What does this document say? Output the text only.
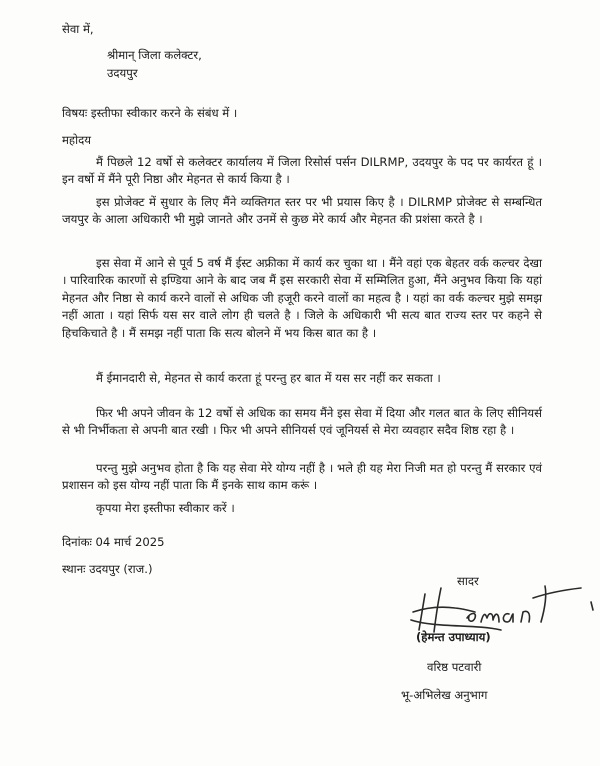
सेवा में,
श्रीमान् जिला कलेक्टर,
उदयपुर
विषयः इस्तीफा स्वीकार करने के संबंध में ।
महोदय
मैं पिछले 12 वर्षो से कलेक्टर कार्यालय में जिला रिसोर्स पर्सन DILRMP, उदयपुर के पद पर कार्यरत हूं । इन वर्षो में मैंने पूरी निष्ठा और मेहनत से कार्य किया है ।
इस प्रोजेक्ट में सुधार के लिए मैंने व्यक्तिगत स्तर पर भी प्रयास किए है । DILRMP प्रोजेक्ट से सम्बन्धित जयपुर के आला अधिकारी भी मुझे जानते और उनमें से कुछ मेरे कार्य और मेहनत की प्रशंसा करते है ।
इस सेवा में आने से पूर्व 5 वर्ष मैं ईस्ट अफ्रीका में कार्य कर चुका था । मैंने वहां एक बेहतर वर्क कल्चर देखा । पारिवारिक कारणों से इण्डिया आने के बाद जब मैं इस सरकारी सेवा में सम्मिलित हुआ, मैंने अनुभव किया कि यहां मेहनत और निष्ठा से कार्य करने वालों से अधिक जी हजूरी करने वालों का महत्व है । यहां का वर्क कल्चर मुझे समझ नहीं आता । यहां सिर्फ यस सर वाले लोग ही चलते है । जिले के अधिकारी भी सत्य बात राज्य स्तर पर कहने से हिचकिचाते है । मैं समझ नहीं पाता कि सत्य बोलने में भय किस बात का है ।
मैं ईमानदारी से, मेहनत से कार्य करता हूं परन्तु हर बात में यस सर नहीं कर सकता ।
फिर भी अपने जीवन के 12 वर्षो से अधिक का समय मैंने इस सेवा में दिया और गलत बात के लिए सीनियर्स से भी निर्भीकता से अपनी बात रखी । फिर भी अपने सीनियर्स एवं जूनियर्स से मेरा व्यवहार सदैव शिष्ठ रहा है ।
परन्तु मुझे अनुभव होता है कि यह सेवा मेरे योग्य नहीं है । भले ही यह मेरा निजी मत हो परन्तु मैं सरकार एवं प्रशासन को इस योग्य नहीं पाता कि मैं इनके साथ काम करूं ।
कृपया मेरा इस्तीफा स्वीकार करें ।
दिनांकः 04 मार्च 2025
स्थानः उदयपुर (राज.)
सादर
(हेमन्त उपाध्याय)
वरिष्ठ पटवारी
भू-अभिलेख अनुभाग
